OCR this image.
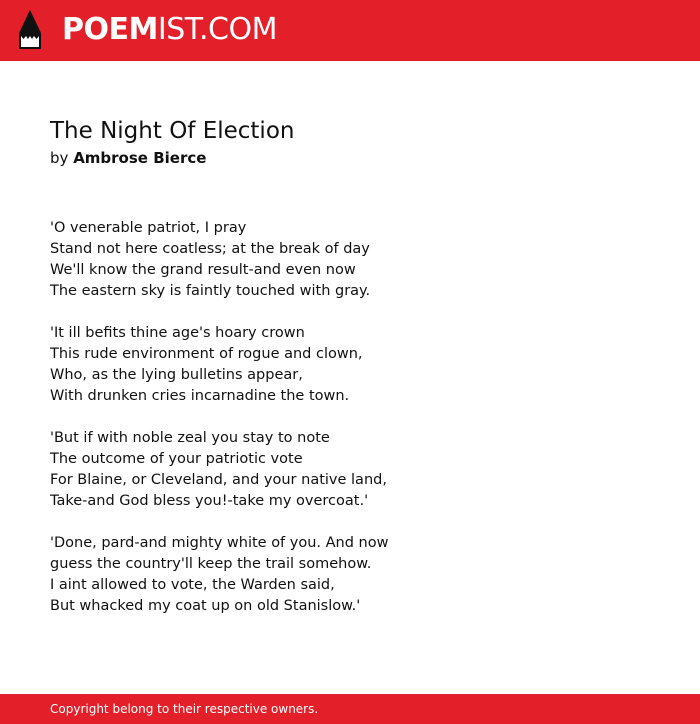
POEMIST.COM
The Night Of Election
by Ambrose Bierce
'O venerable patriot, I pray
Stand not here coatless; at the break of day
We'll know the grand result-and even now
The eastern sky is faintly touched with gray.
'It ill befits thine age's hoary crown
This rude environment of rogue and clown,
Who, as the lying bulletins appear,
With drunken cries incarnadine the town.
'But if with noble zeal you stay to note
The outcome of your patriotic vote
For Blaine, or Cleveland, and your native land,
Take-and God bless you!-take my overcoat.'
'Done, pard-and mighty white of you. And now
guess the country'll keep the trail somehow.
I aint allowed to vote, the Warden said,
But whacked my coat up on old Stanislow.'
Copyright belong to their respective owners.
